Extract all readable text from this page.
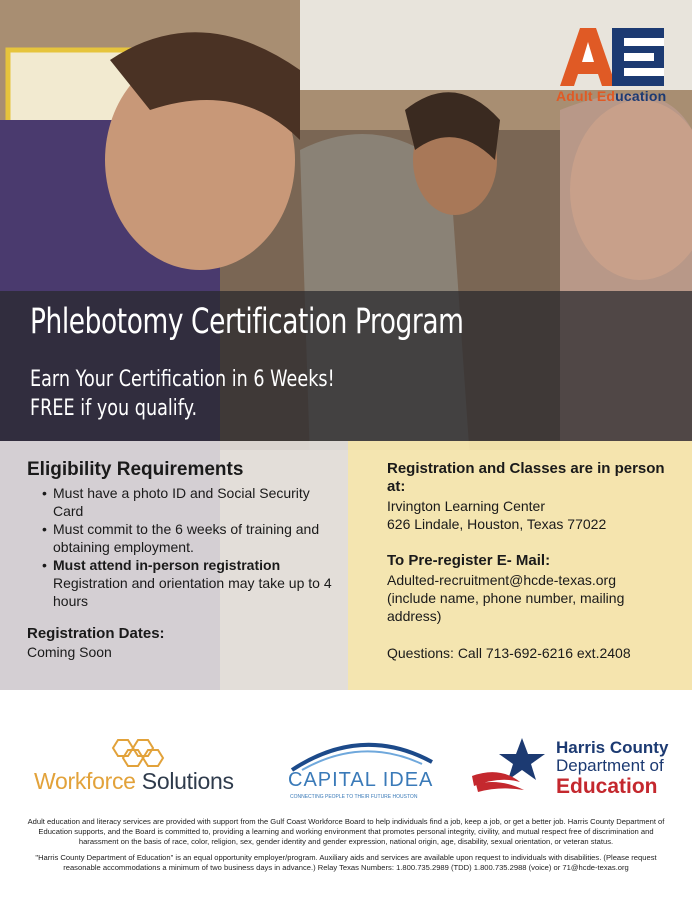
Adult Education
Phlebotomy Certification Program
Earn Your Certification in 6 Weeks!
FREE if you qualify.
Eligibility Requirements
• Must have a photo ID and Social Security Card
• Must commit to the 6 weeks of training and obtaining employment.
• Must attend in-person registration
Registration and orientation may take up to 4 hours
Registration Dates:
Coming Soon
Registration and Classes are in person at:
Irvington Learning Center
626 Lindale, Houston, Texas 77022
To Pre-register E- Mail:
Adulted-recruitment@hcde-texas.org
(include name, phone number, mailing address)
Questions: Call 713-692-6216 ext.2408
Workforce Solutions	CAPITAL IDEA
CONNECTING PEOPLE TO THEIR FUTURE HOUSTON
Harris County
Department of
Education

Adult education and literacy services are provided with support from the Gulf Coast Workforce Board to help individuals find a job, keep a job, or get a better job. Harris County Department of Education supports, and the Board is committed to, providing a learning and working environment that promotes personal integrity, civility, and mutual respect free of discrimination and harassment on the basis of race, color, religion, sex, gender identity and gender expression, national origin, age, disability, sexual orientation, or veteran status.

"Harris County Department of Education" is an equal opportunity employer/program. Auxiliary aids and services are available upon request to individuals with disabilities. (Please request reasonable accommodations a minimum of two business days in advance.) Relay Texas Numbers: 1.800.735.2989 (TDD) 1.800.735.2988 (voice) or 71@hcde-texas.org
